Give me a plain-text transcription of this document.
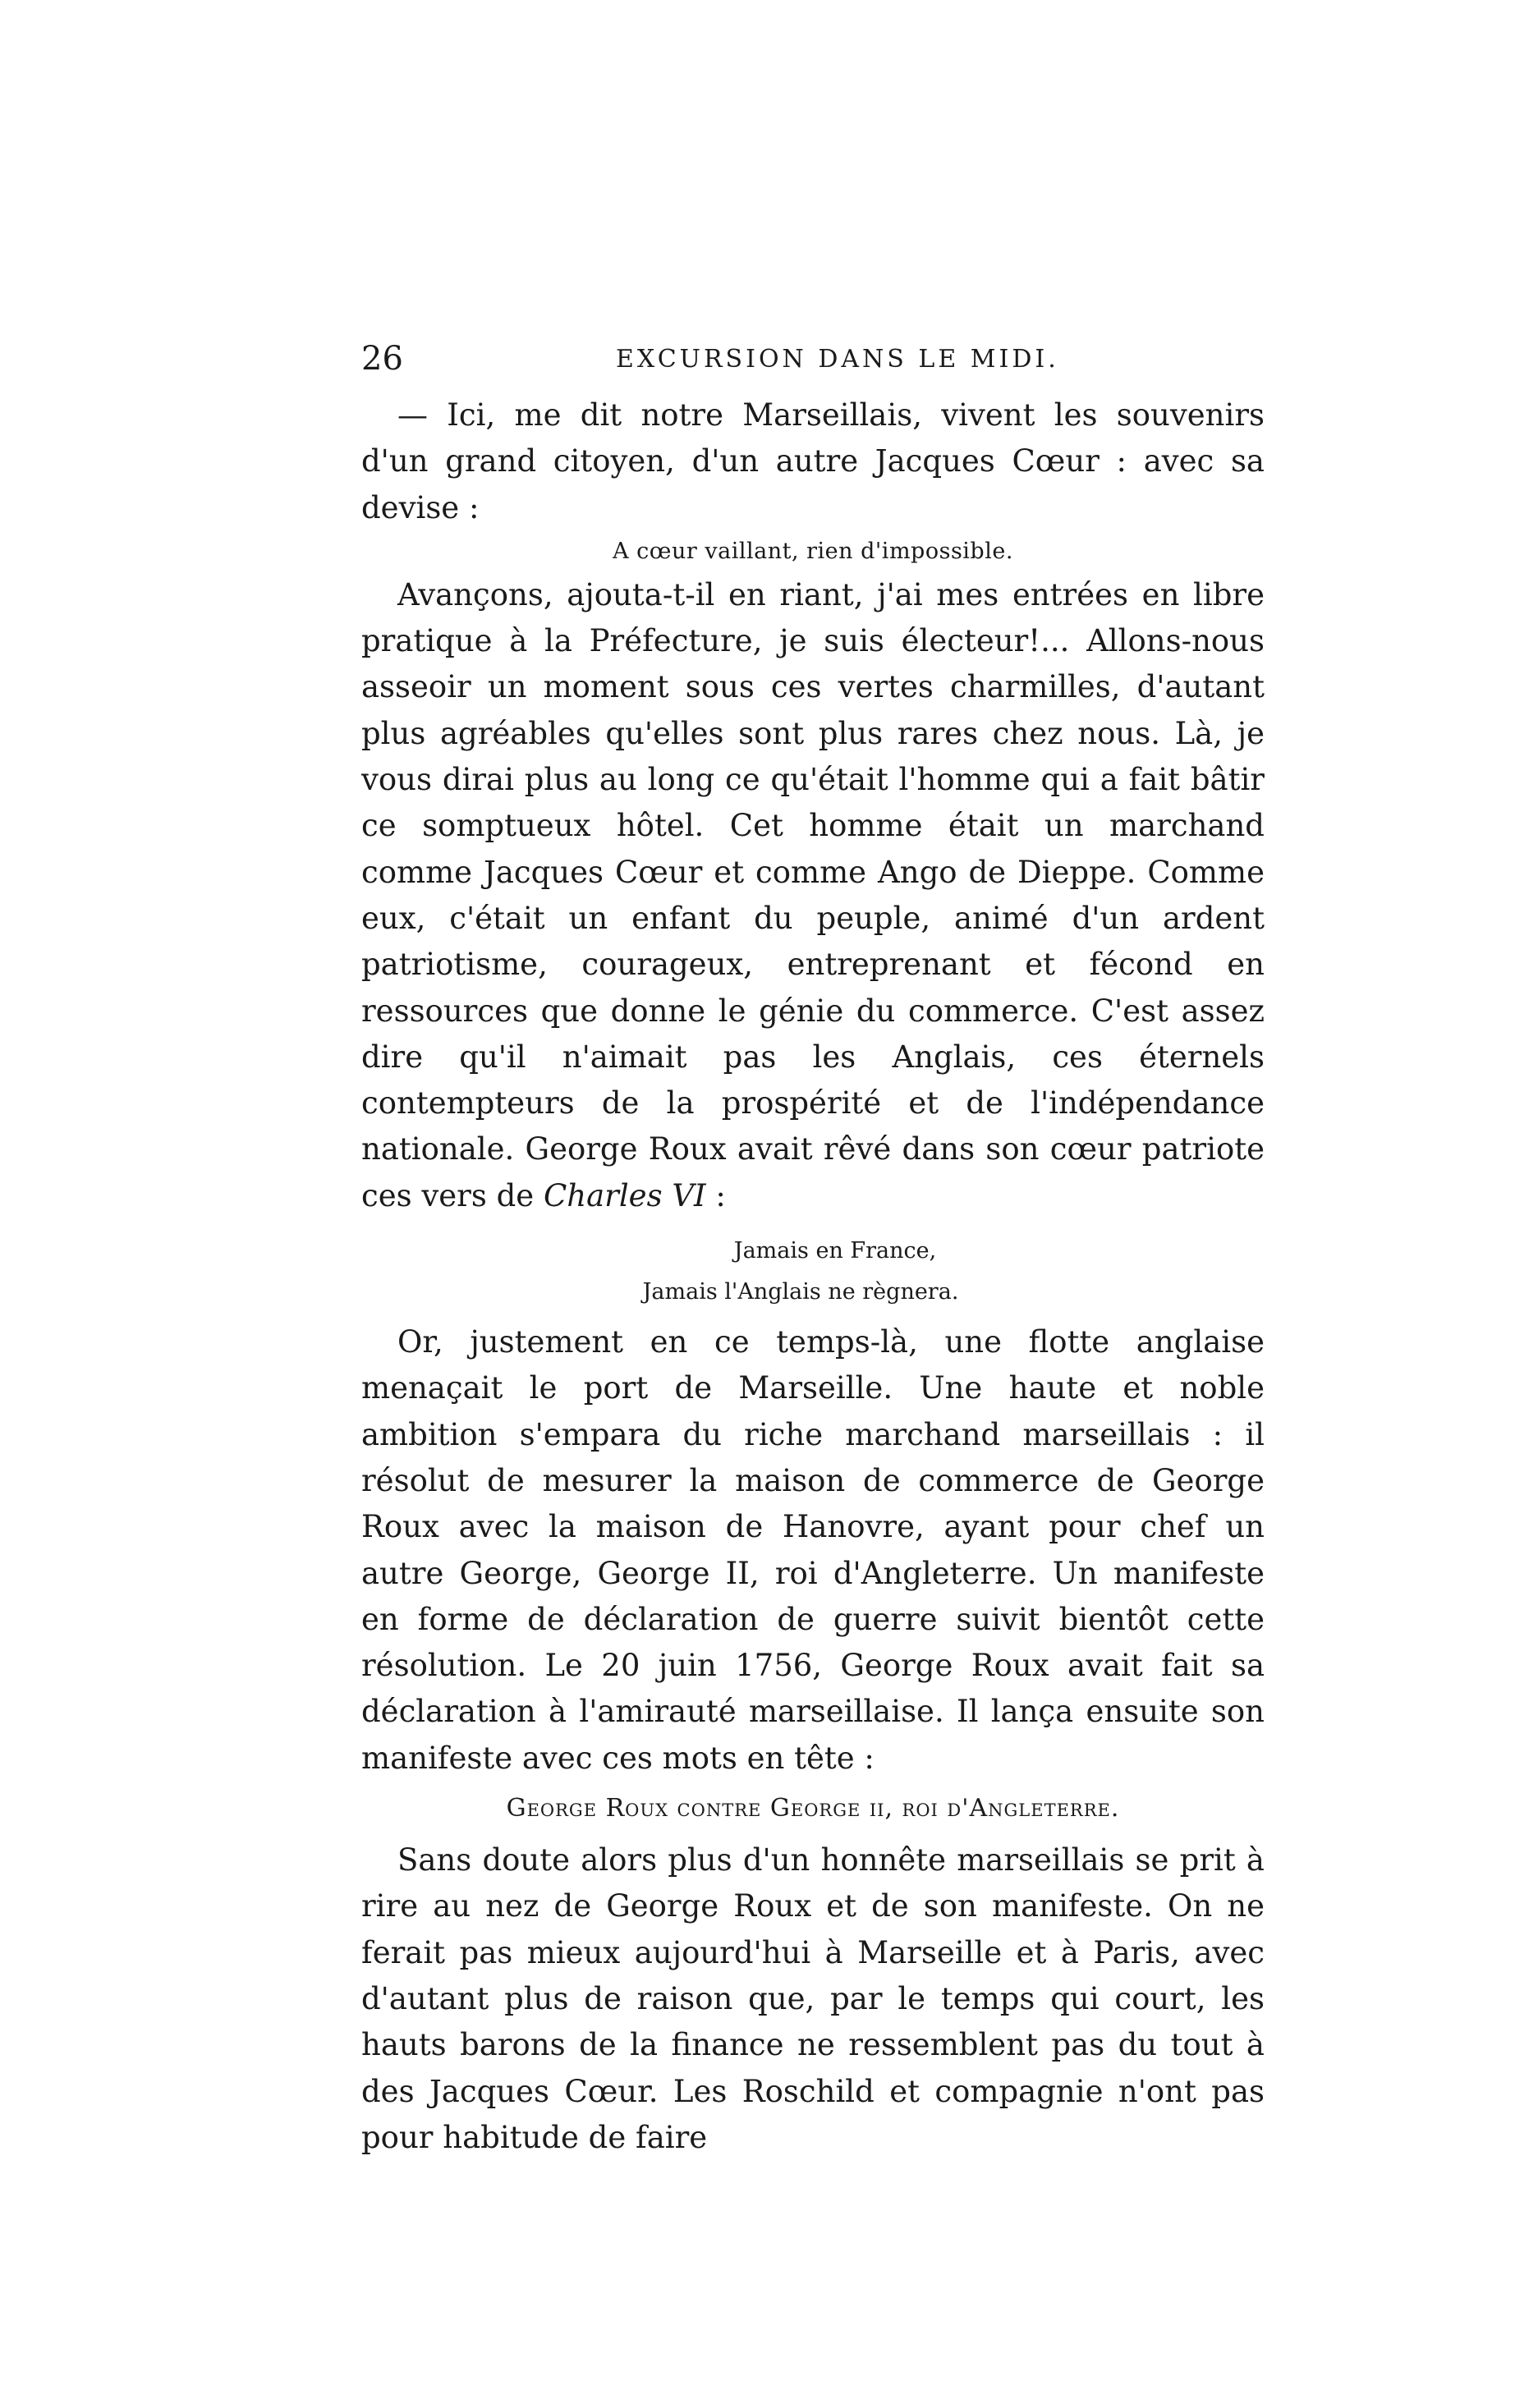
26	EXCURSION DANS LE MIDI.

— Ici, me dit notre Marseillais, vivent les souvenirs d'un grand citoyen, d'un autre Jacques Cœur : avec sa devise :

A cœur vaillant, rien d'impossible.

Avançons, ajouta-t-il en riant, j'ai mes entrées en libre pratique à la Préfecture, je suis électeur!... Allons-nous asseoir un moment sous ces vertes charmilles, d'autant plus agréables qu'elles sont plus rares chez nous. Là, je vous dirai plus au long ce qu'était l'homme qui a fait bâtir ce somptueux hôtel. Cet homme était un marchand comme Jacques Cœur et comme Ango de Dieppe. Comme eux, c'était un enfant du peuple, animé d'un ardent patriotisme, courageux, entreprenant et fécond en ressources que donne le génie du commerce. C'est assez dire qu'il n'aimait pas les Anglais, ces éternels contempteurs de la prospérité et de l'indépendance nationale. George Roux avait rêvé dans son cœur patriote ces vers de Charles VI :

Jamais en France,
Jamais l'Anglais ne règnera.

Or, justement en ce temps-là, une flotte anglaise menaçait le port de Marseille. Une haute et noble ambition s'empara du riche marchand marseillais : il résolut de mesurer la maison de commerce de George Roux avec la maison de Hanovre, ayant pour chef un autre George, George II, roi d'Angleterre. Un manifeste en forme de déclaration de guerre suivit bientôt cette résolution. Le 20 juin 1756, George Roux avait fait sa déclaration à l'amirauté marseillaise. Il lança ensuite son manifeste avec ces mots en tête :

George Roux contre George ii, roi d'Angleterre.

Sans doute alors plus d'un honnête marseillais se prit à rire au nez de George Roux et de son manifeste. On ne ferait pas mieux aujourd'hui à Marseille et à Paris, avec d'autant plus de raison que, par le temps qui court, les hauts barons de la finance ne ressemblent pas du tout à des Jacques Cœur. Les Roschild et compagnie n'ont pas pour habitude de faire
